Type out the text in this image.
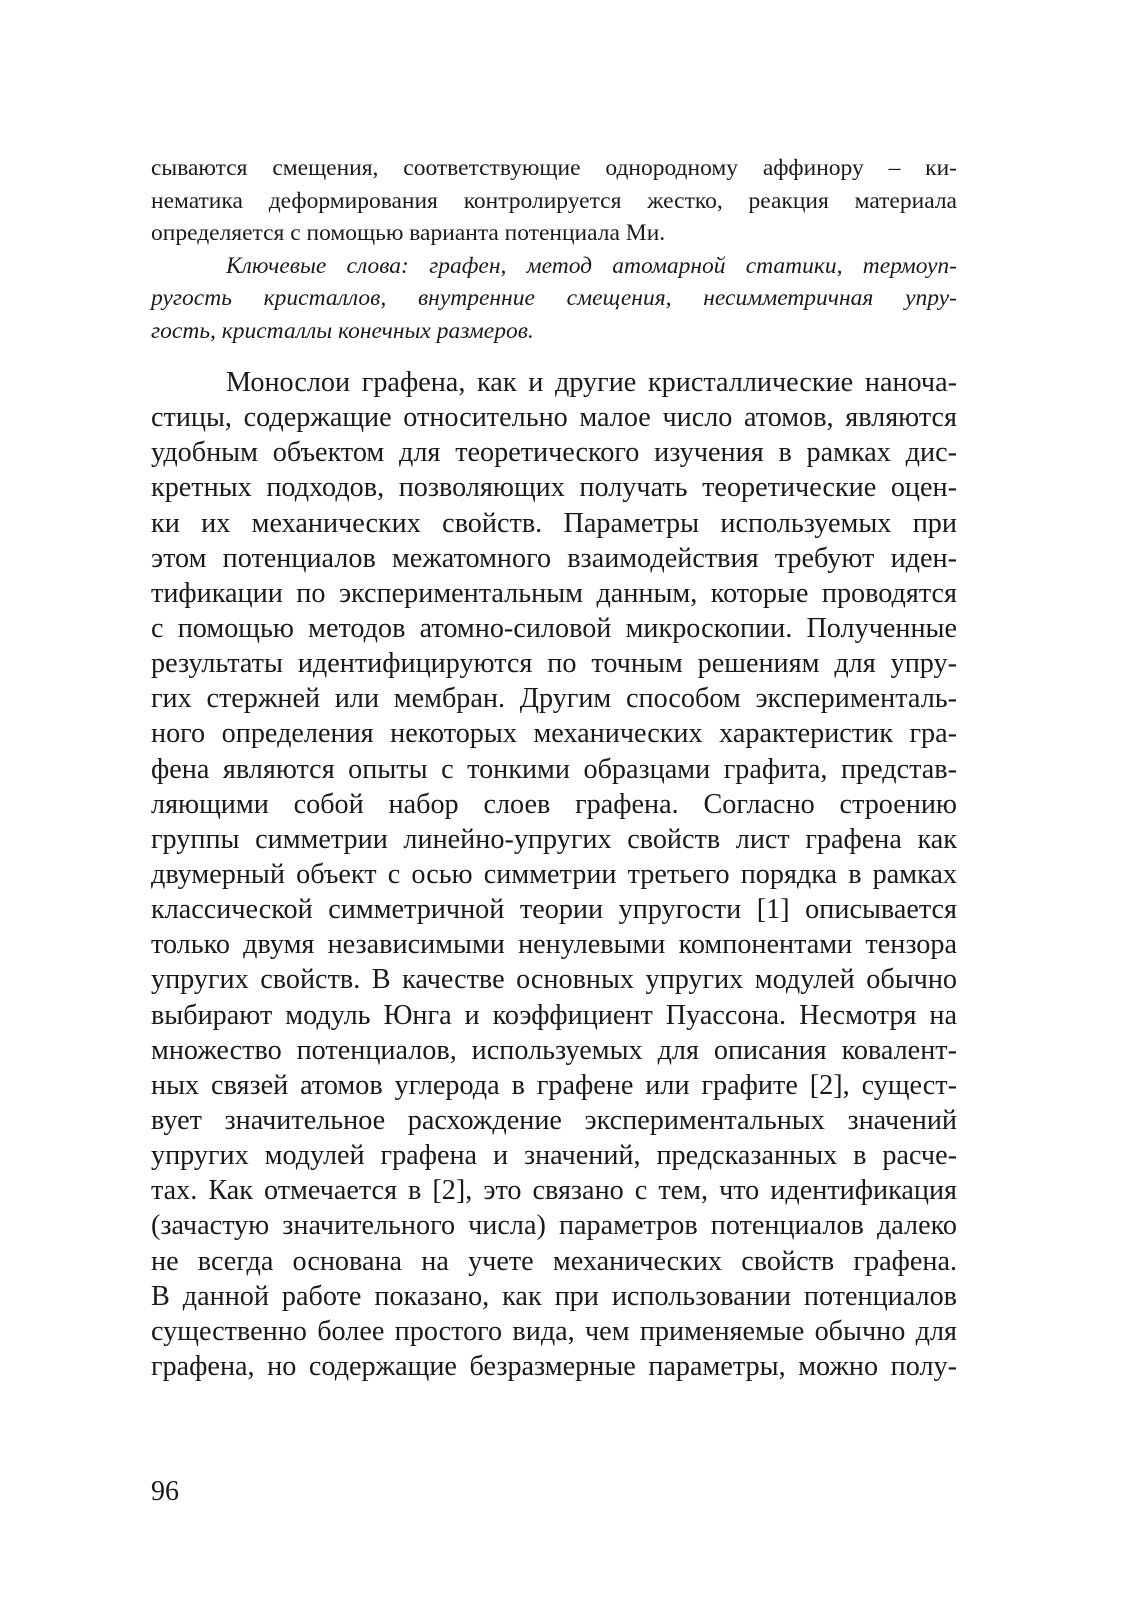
сываются смещения, соответствующие однородному аффинору – ки-
нематика деформирования контролируется жестко, реакция материала
определяется с помощью варианта потенциала Ми.
Ключевые слова: графен, метод атомарной статики, термоуп-
ругость кристаллов, внутренние смещения, несимметричная упру-
гость, кристаллы конечных размеров.
Монослои графена, как и другие кристаллические наноча-
стицы, содержащие относительно малое число атомов, являются
удобным объектом для теоретического изучения в рамках дис-
кретных подходов, позволяющих получать теоретические оцен-
ки их механических свойств. Параметры используемых при
этом потенциалов межатомного взаимодействия требуют иден-
тификации по экспериментальным данным, которые проводятся
с помощью методов атомно-силовой микроскопии. Полученные
результаты идентифицируются по точным решениям для упру-
гих стержней или мембран. Другим способом эксперименталь-
ного определения некоторых механических характеристик гра-
фена являются опыты с тонкими образцами графита, представ-
ляющими собой набор слоев графена. Согласно строению
группы симметрии линейно-упругих свойств лист графена как
двумерный объект с осью симметрии третьего порядка в рамках
классической симметричной теории упругости [1] описывается
только двумя независимыми ненулевыми компонентами тензора
упругих свойств. В качестве основных упругих модулей обычно
выбирают модуль Юнга и коэффициент Пуассона. Несмотря на
множество потенциалов, используемых для описания ковалент-
ных связей атомов углерода в графене или графите [2], сущест-
вует значительное расхождение экспериментальных значений
упругих модулей графена и значений, предсказанных в расче-
тах. Как отмечается в [2], это связано с тем, что идентификация
(зачастую значительного числа) параметров потенциалов далеко
не всегда основана на учете механических свойств графена.
В данной работе показано, как при использовании потенциалов
существенно более простого вида, чем применяемые обычно для
графена, но содержащие безразмерные параметры, можно полу-
96
